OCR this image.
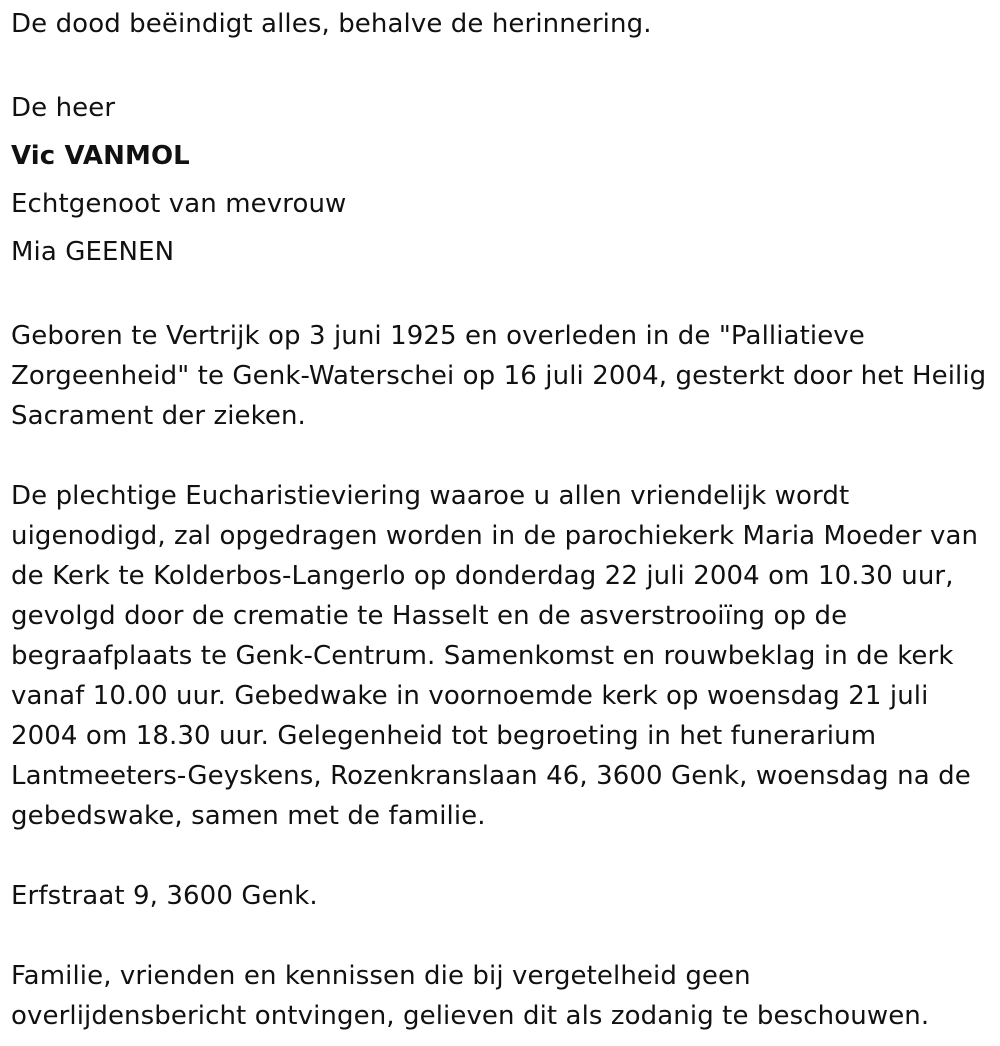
De dood beëindigt alles, behalve de herinnering.

De heer

Vic VANMOL

Echtgenoot van mevrouw

Mia GEENEN

Geboren te Vertrijk op 3 juni 1925 en overleden in de "Palliatieve Zorgeenheid" te Genk-Waterschei op 16 juli 2004, gesterkt door het Heilig Sacrament der zieken.

De plechtige Eucharistieviering waaroe u allen vriendelijk wordt uigenodigd, zal opgedragen worden in de parochiekerk Maria Moeder van de Kerk te Kolderbos-Langerlo op donderdag 22 juli 2004 om 10.30 uur, gevolgd door de crematie te Hasselt en de asverstrooiïng op de begraafplaats te Genk-Centrum. Samenkomst en rouwbeklag in de kerk vanaf 10.00 uur. Gebedwake in voornoemde kerk op woensdag 21 juli 2004 om 18.30 uur. Gelegenheid tot begroeting in het funerarium Lantmeeters-Geyskens, Rozenkranslaan 46, 3600 Genk, woensdag na de gebedswake, samen met de familie.

Erfstraat 9, 3600 Genk.

Familie, vrienden en kennissen die bij vergetelheid geen overlijdensbericht ontvingen, gelieven dit als zodanig te beschouwen.
